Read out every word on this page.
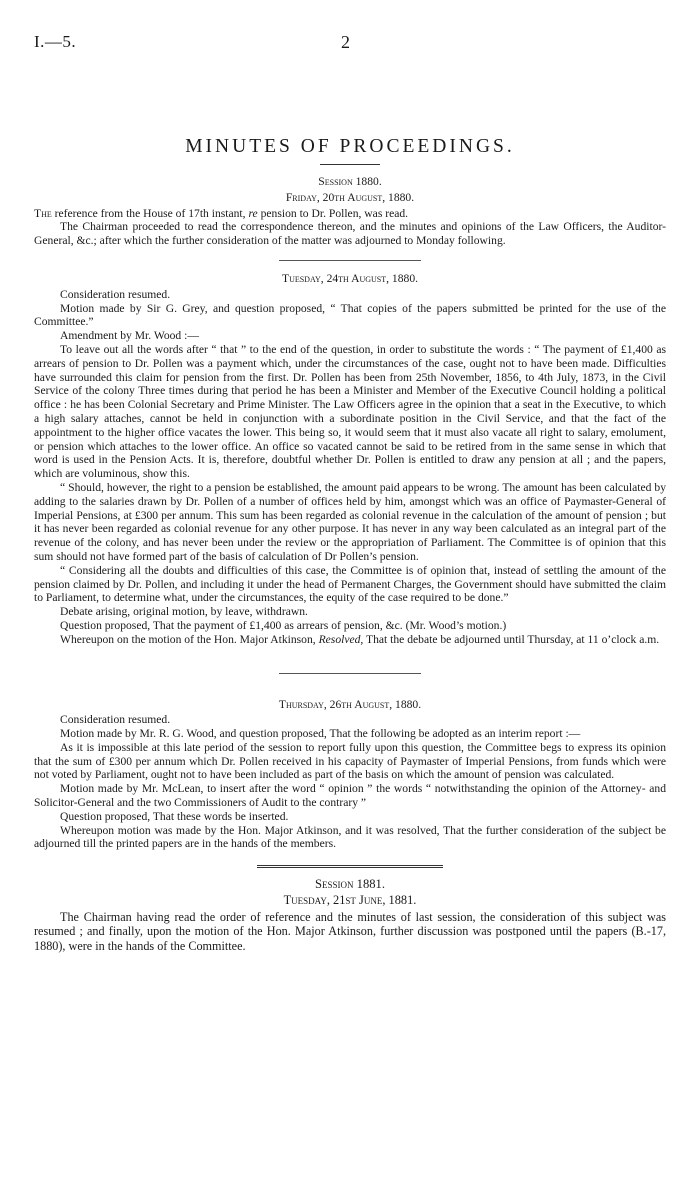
I.—5.	2
MINUTES OF PROCEEDINGS.
Session 1880.
Friday, 20th August, 1880.

The reference from the House of 17th instant, re pension to Dr. Pollen, was read.

The Chairman proceeded to read the correspondence thereon, and the minutes and opinions of the Law Officers, the Auditor-General, &c.; after which the further consideration of the matter was adjourned to Monday following.

Tuesday, 24th August, 1880.

Consideration resumed.

Motion made by Sir G. Grey, and question proposed, “ That copies of the papers submitted be printed for the use of the Committee.”

Amendment by Mr. Wood :—

To leave out all the words after “ that ” to the end of the question, in order to substitute the words : “ The payment of £1,400 as arrears of pension to Dr. Pollen was a payment which, under the circumstances of the case, ought not to have been made. Difficulties have surrounded this claim for pension from the first. Dr. Pollen has been from 25th November, 1856, to 4th July, 1873, in the Civil Service of the colony Three times during that period he has been a Minister and Member of the Executive Council holding a political office : he has been Colonial Secretary and Prime Minister. The Law Officers agree in the opinion that a seat in the Executive, to which a high salary attaches, cannot be held in conjunction with a subordinate position in the Civil Service, and that the fact of the appointment to the higher office vacates the lower. This being so, it would seem that it must also vacate all right to salary, emolument, or pension which attaches to the lower office. An office so vacated cannot be said to be retired from in the same sense in which that word is used in the Pension Acts. It is, therefore, doubtful whether Dr. Pollen is entitled to draw any pension at all ; and the papers, which are voluminous, show this.

“ Should, however, the right to a pension be established, the amount paid appears to be wrong. The amount has been calculated by adding to the salaries drawn by Dr. Pollen of a number of offices held by him, amongst which was an office of Paymaster-General of Imperial Pensions, at £300 per annum. This sum has been regarded as colonial revenue in the calculation of the amount of pension ; but it has never been regarded as colonial revenue for any other purpose. It has never in any way been calculated as an integral part of the revenue of the colony, and has never been under the review or the appropriation of Parliament. The Committee is of opinion that this sum should not have formed part of the basis of calculation of Dr Pollen’s pension.

“ Considering all the doubts and difficulties of this case, the Committee is of opinion that, instead of settling the amount of the pension claimed by Dr. Pollen, and including it under the head of Permanent Charges, the Government should have submitted the claim to Parliament, to determine what, under the circumstances, the equity of the case required to be done.”

Debate arising, original motion, by leave, withdrawn.

Question proposed, That the payment of £1,400 as arrears of pension, &c. (Mr. Wood’s motion.)

Whereupon on the motion of the Hon. Major Atkinson, Resolved, That the debate be adjourned until Thursday, at 11 o’clock a.m.

Thursday, 26th August, 1880.

Consideration resumed.

Motion made by Mr. R. G. Wood, and question proposed, That the following be adopted as an interim report :—

As it is impossible at this late period of the session to report fully upon this question, the Committee begs to express its opinion that the sum of £300 per annum which Dr. Pollen received in his capacity of Paymaster of Imperial Pensions, from funds which were not voted by Parliament, ought not to have been included as part of the basis on which the amount of pension was calculated.

Motion made by Mr. McLean, to insert after the word “ opinion ” the words “ notwithstanding the opinion of the Attorney- and Solicitor-General and the two Commissioners of Audit to the contrary ”

Question proposed, That these words be inserted.

Whereupon motion was made by the Hon. Major Atkinson, and it was resolved, That the further consideration of the subject be adjourned till the printed papers are in the hands of the members.

Session 1881.
Tuesday, 21st June, 1881.

The Chairman having read the order of reference and the minutes of last session, the consideration of this subject was resumed ; and finally, upon the motion of the Hon. Major Atkinson, further discussion was postponed until the papers (B.-17, 1880), were in the hands of the Committee.
